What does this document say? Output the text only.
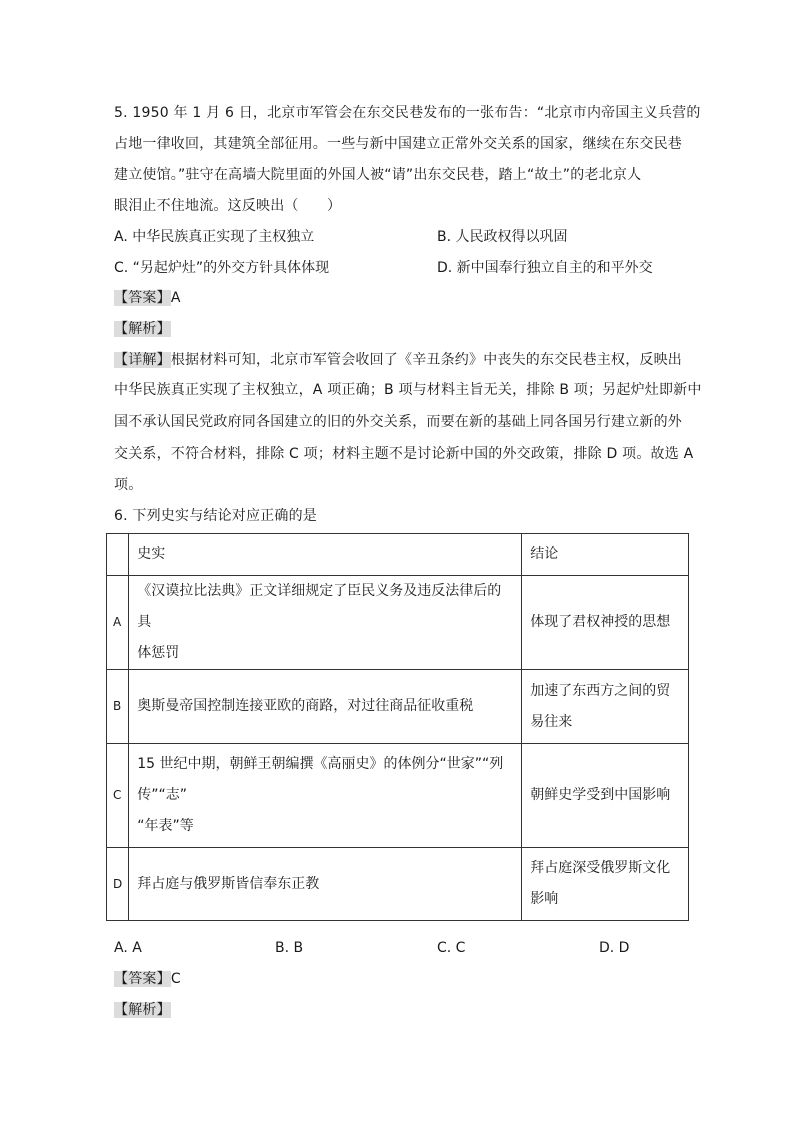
5. 1950 年 1 月 6 日，北京市军管会在东交民巷发布的一张布告：“北京市内帝国主义兵营的
占地一律收回，其建筑全部征用。一些与新中国建立正常外交关系的国家，继续在东交民巷
建立使馆。”驻守在高墙大院里面的外国人被“请”出东交民巷，踏上“故土”的老北京人
眼泪止不住地流。这反映出（　　）
A. 中华民族真正实现了主权独立	B. 人民政权得以巩固
C. “另起炉灶”的外交方针具体体现	D. 新中国奉行独立自主的和平外交
【答案】A
【解析】
【详解】根据材料可知，北京市军管会收回了《辛丑条约》中丧失的东交民巷主权，反映出
中华民族真正实现了主权独立，A 项正确；B 项与材料主旨无关，排除 B 项；另起炉灶即新中
国不承认国民党政府同各国建立的旧的外交关系，而要在新的基础上同各国另行建立新的外
交关系，不符合材料，排除 C 项；材料主题不是讨论新中国的外交政策，排除 D 项。故选 A
项。
6. 下列史实与结论对应正确的是
	史实	结论
A	《汉谟拉比法典》正文详细规定了臣民义务及违反法律后的具
体惩罚	体现了君权神授的思想

B	奥斯曼帝国控制连接亚欧的商路，对过往商品征收重税	加速了东西方之间的贸
易往来

C	15 世纪中期，朝鲜王朝编撰《高丽史》的体例分“世家”“列
传”“志”
“年表”等	朝鲜史学受到中国影响

D	拜占庭与俄罗斯皆信奉东正教	拜占庭深受俄罗斯文化
影响
A. A	B. B	C. C	D. D
【答案】C
【解析】
